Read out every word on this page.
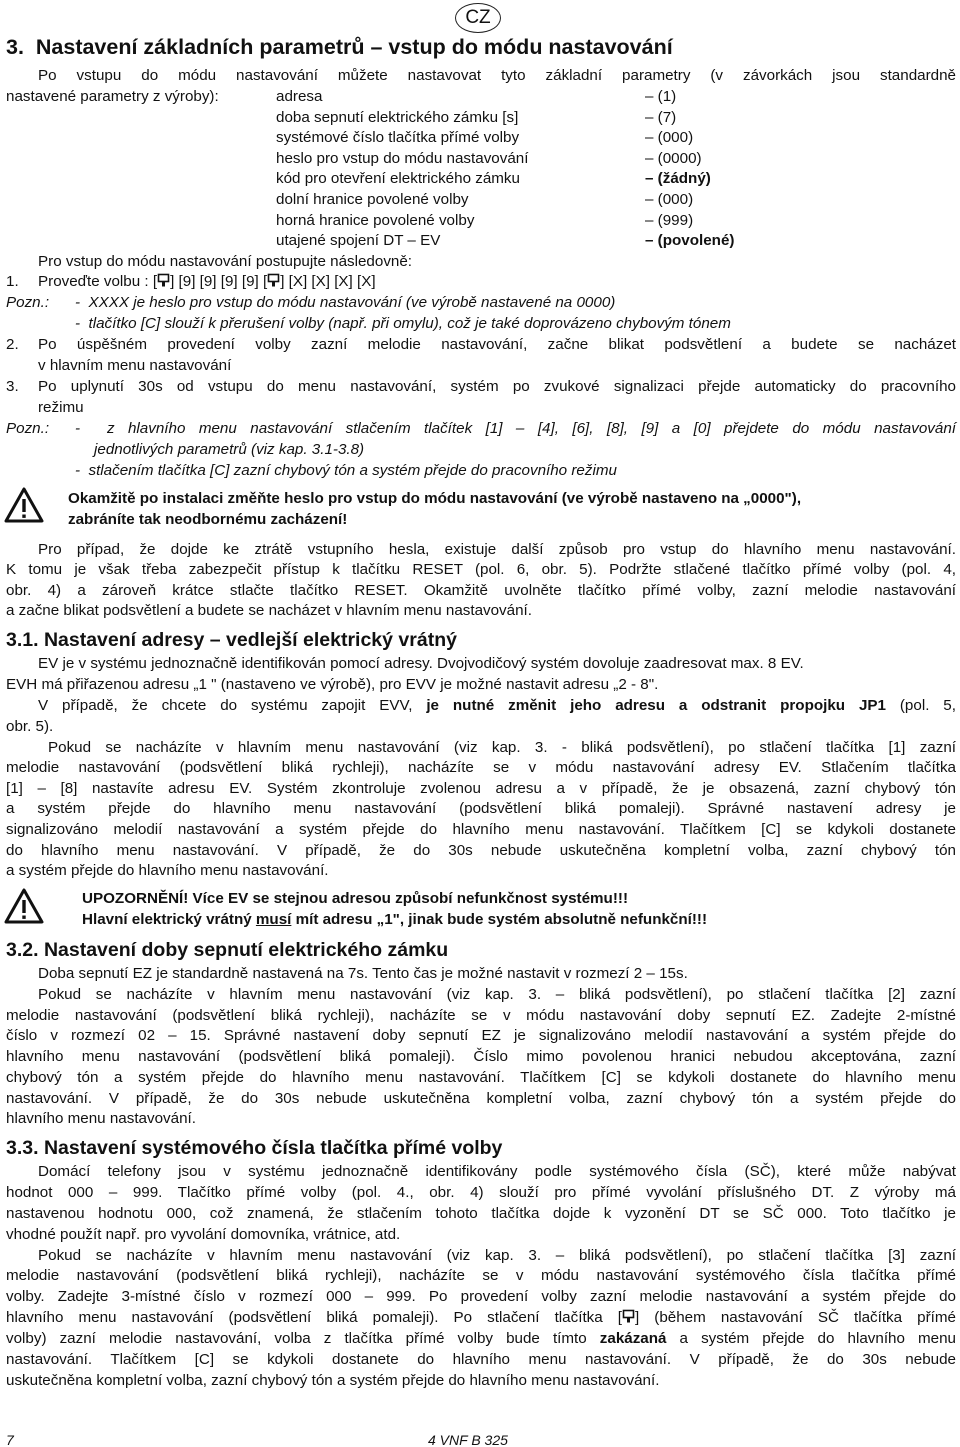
CZ
3.  Nastavení základních parametrů – vstup do módu nastavování
Po vstupu do módu nastavování můžete nastavovat tyto základní parametry (v závorkách jsou standardně
nastavené parametry z výroby):	adresa	– (1)
doba sepnutí elektrického zámku [s]	– (7)
systémové číslo tlačítka přímé volby	– (000)
heslo pro vstup do módu nastavování	– (0000)
kód pro otevření elektrického zámku	– (žádný)
dolní hranice povolené volby	– (000)
horná hranice povolené volby	– (999)
utajené spojení DT – EV	– (povolené)
Pro vstup do módu nastavování postupujte následovně:
1. Proveďte volbu : [ ] [9] [9] [9] [9] [ ] [X] [X] [X] [X]
Pozn.: -  XXXX je heslo pro vstup do módu nastavování (ve výrobě nastavené na 0000)
-  tlačítko [C] slouží k přerušení volby (např. při omylu), což je také doprovázeno chybovým tónem
2. Po úspěšném provedení volby zazní melodie nastavování, začne blikat podsvětlení a budete se nacházet
v hlavním menu nastavování
3. Po uplynutí 30s od vstupu do menu nastavování, systém po zvukové signalizaci přejde automaticky do pracovního
režimu
Pozn.: -  z hlavního menu nastavování stlačením tlačítek [1] – [4], [6], [8], [9] a [0] přejdete do módu nastavování
jednotlivých parametrů (viz kap. 3.1-3.8)
-  stlačením tlačítka [C] zazní chybový tón a systém přejde do pracovního režimu
Okamžitě po instalaci změňte heslo pro vstup do módu nastavování (ve výrobě nastaveno na „0000"),
zabráníte tak neodbornému zacházení!
Pro případ, že dojde ke ztrátě vstupního hesla, existuje další způsob pro vstup do hlavního menu nastavování.
K tomu je však třeba zabezpečit přístup k tlačítku RESET (pol. 6, obr. 5). Podržte stlačené tlačítko přímé volby (pol. 4,
obr. 4) a zároveň krátce stlačte tlačítko RESET. Okamžitě uvolněte tlačítko přímé volby, zazní melodie nastavování
a začne blikat podsvětlení a budete se nacházet v hlavním menu nastavování.
3.1. Nastavení adresy – vedlejší elektrický vrátný
EV je v systému jednoznačně identifikován pomocí adresy. Dvojvodičový systém dovoluje zaadresovat max. 8 EV.
EVH má přiřazenou adresu „1 " (nastaveno ve výrobě), pro EVV je možné nastavit adresu „2 - 8".
V případě, že chcete do systému zapojit EVV, je nutné změnit jeho adresu a odstranit propojku JP1 (pol. 5,
obr. 5).
Pokud se nacházíte v hlavním menu nastavování (viz kap. 3. - bliká podsvětlení), po stlačení tlačítka [1] zazní
melodie nastavování (podsvětlení bliká rychleji), nacházíte se v módu nastavování adresy EV. Stlačením tlačítka
[1] – [8] nastavíte adresu EV. Systém zkontroluje zvolenou adresu a v případě, že je obsazená, zazní chybový tón
a systém přejde do hlavního menu nastavování (podsvětlení bliká pomaleji). Správné nastavení adresy je
signalizováno melodií nastavování a systém přejde do hlavního menu nastavování. Tlačítkem [C] se kdykoli dostanete
do hlavního menu nastavování. V případě, že do 30s nebude uskutečněna kompletní volba, zazní chybový tón
a systém přejde do hlavního menu nastavování.
UPOZORNĚNÍ! Více EV se stejnou adresou způsobí nefunkčnost systému!!!
Hlavní elektrický vrátný musí mít adresu „1", jinak bude systém absolutně nefunkční!!!
3.2. Nastavení doby sepnutí elektrického zámku
Doba sepnutí EZ je standardně nastavená na 7s. Tento čas je možné nastavit v rozmezí 2 – 15s.
Pokud se nacházíte v hlavním menu nastavování (viz kap. 3. – bliká podsvětlení), po stlačení tlačítka [2] zazní
melodie nastavování (podsvětlení bliká rychleji), nacházíte se v módu nastavování doby sepnutí EZ. Zadejte 2-místné
číslo v rozmezí 02 – 15. Správné nastavení doby sepnutí EZ je signalizováno melodií nastavování a systém přejde do
hlavního menu nastavování (podsvětlení bliká pomaleji). Číslo mimo povolenou hranici nebudou akceptována, zazní
chybový tón a systém přejde do hlavního menu nastavování. Tlačítkem [C] se kdykoli dostanete do hlavního menu
nastavování. V případě, že do 30s nebude uskutečněna kompletní volba, zazní chybový tón a systém přejde do
hlavního menu nastavování.
3.3. Nastavení systémového čísla tlačítka přímé volby
Domácí telefony jsou v systému jednoznačně identifikovány podle systémového čísla (SČ), které může nabývat
hodnot 000 – 999. Tlačítko přímé volby (pol. 4., obr. 4) slouží pro přímé vyvolání příslušného DT. Z výroby má
nastavenou hodnotu 000, což znamená, že stlačením tohoto tlačítka dojde k vyzonění DT se SČ 000. Toto tlačítko je
vhodné použít např. pro vyvolání domovníka, vrátnice, atd.
Pokud se nacházíte v hlavním menu nastavování (viz kap. 3. – bliká podsvětlení), po stlačení tlačítka [3] zazní
melodie nastavování (podsvětlení bliká rychleji), nacházíte se v módu nastavování systémového čísla tlačítka přímé
volby. Zadejte 3-místné číslo v rozmezí 000 – 999. Po provedení volby zazní melodie nastavování a systém přejde do
hlavního menu nastavování (podsvětlení bliká pomaleji). Po stlačení tlačítka [ ] (během nastavování SČ tlačítka přímé
volby) zazní melodie nastavování, volba z tlačítka přímé volby bude tímto zakázaná a systém přejde do hlavního menu
nastavování. Tlačítkem [C] se kdykoli dostanete do hlavního menu nastavování. V případě, že do 30s nebude
uskutečněna kompletní volba, zazní chybový tón a systém přejde do hlavního menu nastavování.
7	4 VNF B 325
